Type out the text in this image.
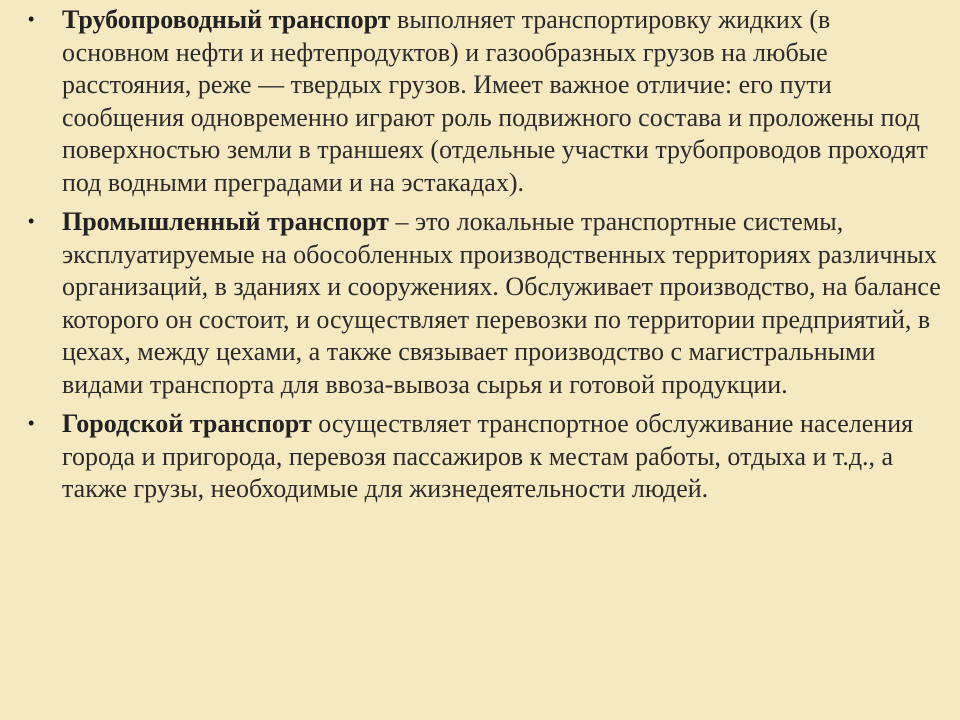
• Трубопроводный транспорт выполняет транспортировку жидких (в основном нефти и нефтепродуктов) и газообразных грузов на любые расстояния, реже — твердых грузов. Имеет важное отличие: его пути сообщения одновременно играют роль подвижного состава и проложены под поверхностью земли в траншеях (отдельные участки трубопроводов проходят под водными преградами и на эстакадах).
• Промышленный транспорт – это локальные транспортные системы, эксплуатируемые на обособленных производственных территориях различных организаций, в зданиях и сооружениях. Обслуживает производство, на балансе которого он состоит, и осуществляет перевозки по территории предприятий, в цехах, между цехами, а также связывает производство с магистральными видами транспорта для ввоза-вывоза сырья и готовой продукции.
• Городской транспорт осуществляет транспортное обслуживание населения города и пригорода, перевозя пассажиров к местам работы, отдыха и т.д., а также грузы, необходимые для жизнедеятельности людей.
